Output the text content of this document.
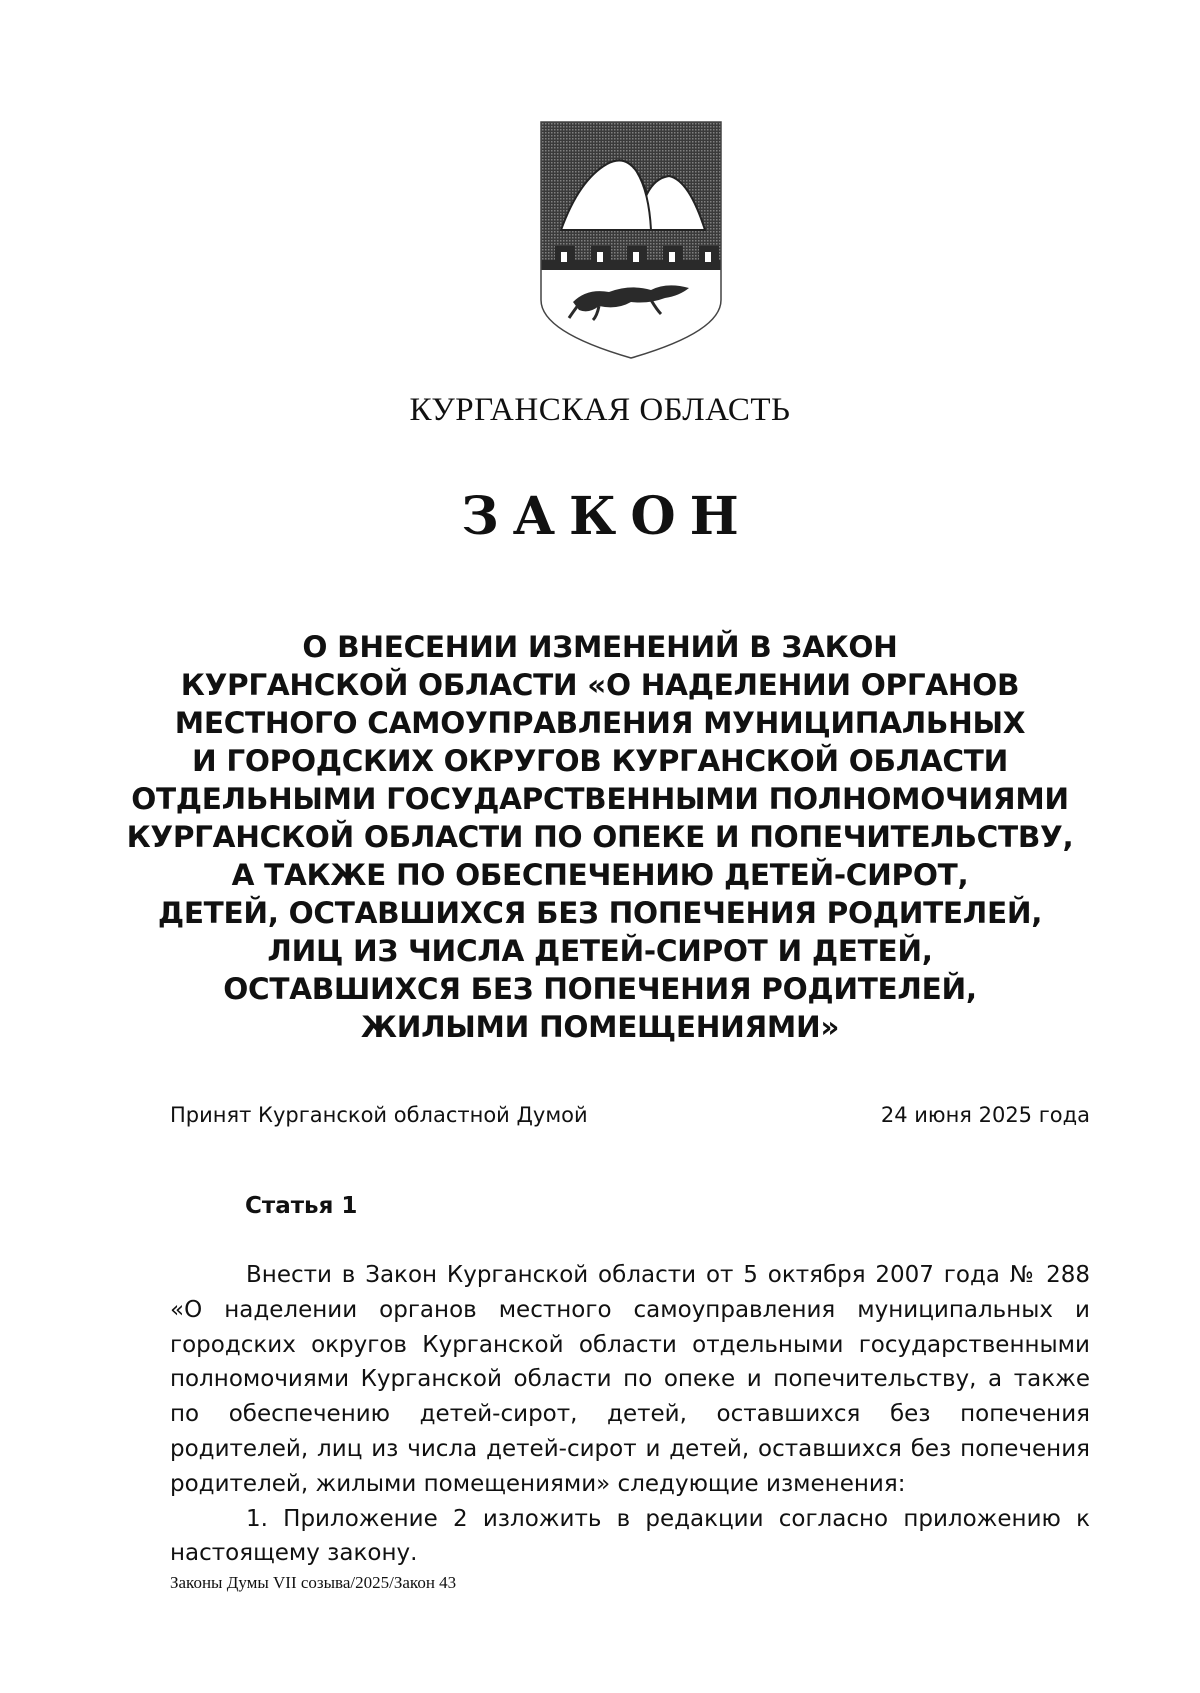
КУРГАНСКАЯ ОБЛАСТЬ
ЗАКОН
О ВНЕСЕНИИ ИЗМЕНЕНИЙ В ЗАКОН
КУРГАНСКОЙ ОБЛАСТИ «О НАДЕЛЕНИИ ОРГАНОВ
МЕСТНОГО САМОУПРАВЛЕНИЯ МУНИЦИПАЛЬНЫХ
И ГОРОДСКИХ ОКРУГОВ КУРГАНСКОЙ ОБЛАСТИ
ОТДЕЛЬНЫМИ ГОСУДАРСТВЕННЫМИ ПОЛНОМОЧИЯМИ
КУРГАНСКОЙ ОБЛАСТИ ПО ОПЕКЕ И ПОПЕЧИТЕЛЬСТВУ,
А ТАКЖЕ ПО ОБЕСПЕЧЕНИЮ ДЕТЕЙ-СИРОТ,
ДЕТЕЙ, ОСТАВШИХСЯ БЕЗ ПОПЕЧЕНИЯ РОДИТЕЛЕЙ,
ЛИЦ ИЗ ЧИСЛА ДЕТЕЙ-СИРОТ И ДЕТЕЙ,
ОСТАВШИХСЯ БЕЗ ПОПЕЧЕНИЯ РОДИТЕЛЕЙ,
ЖИЛЫМИ ПОМЕЩЕНИЯМИ»
Принят Курганской областной Думой	24 июня 2025 года
Статья 1

Внести в Закон Курганской области от 5 октября 2007 года № 288 «О наделении органов местного самоуправления муниципальных и городских округов Курганской области отдельными государственными полномочиями Курганской области по опеке и попечительству, а также по обеспечению детей-сирот, детей, оставшихся без попечения родителей, лиц из числа детей-сирот и детей, оставшихся без попечения родителей, жилыми помещениями» следующие изменения:

1. Приложение 2 изложить в редакции согласно приложению к настоящему закону.

Законы Думы VII созыва/2025/Закон 43
